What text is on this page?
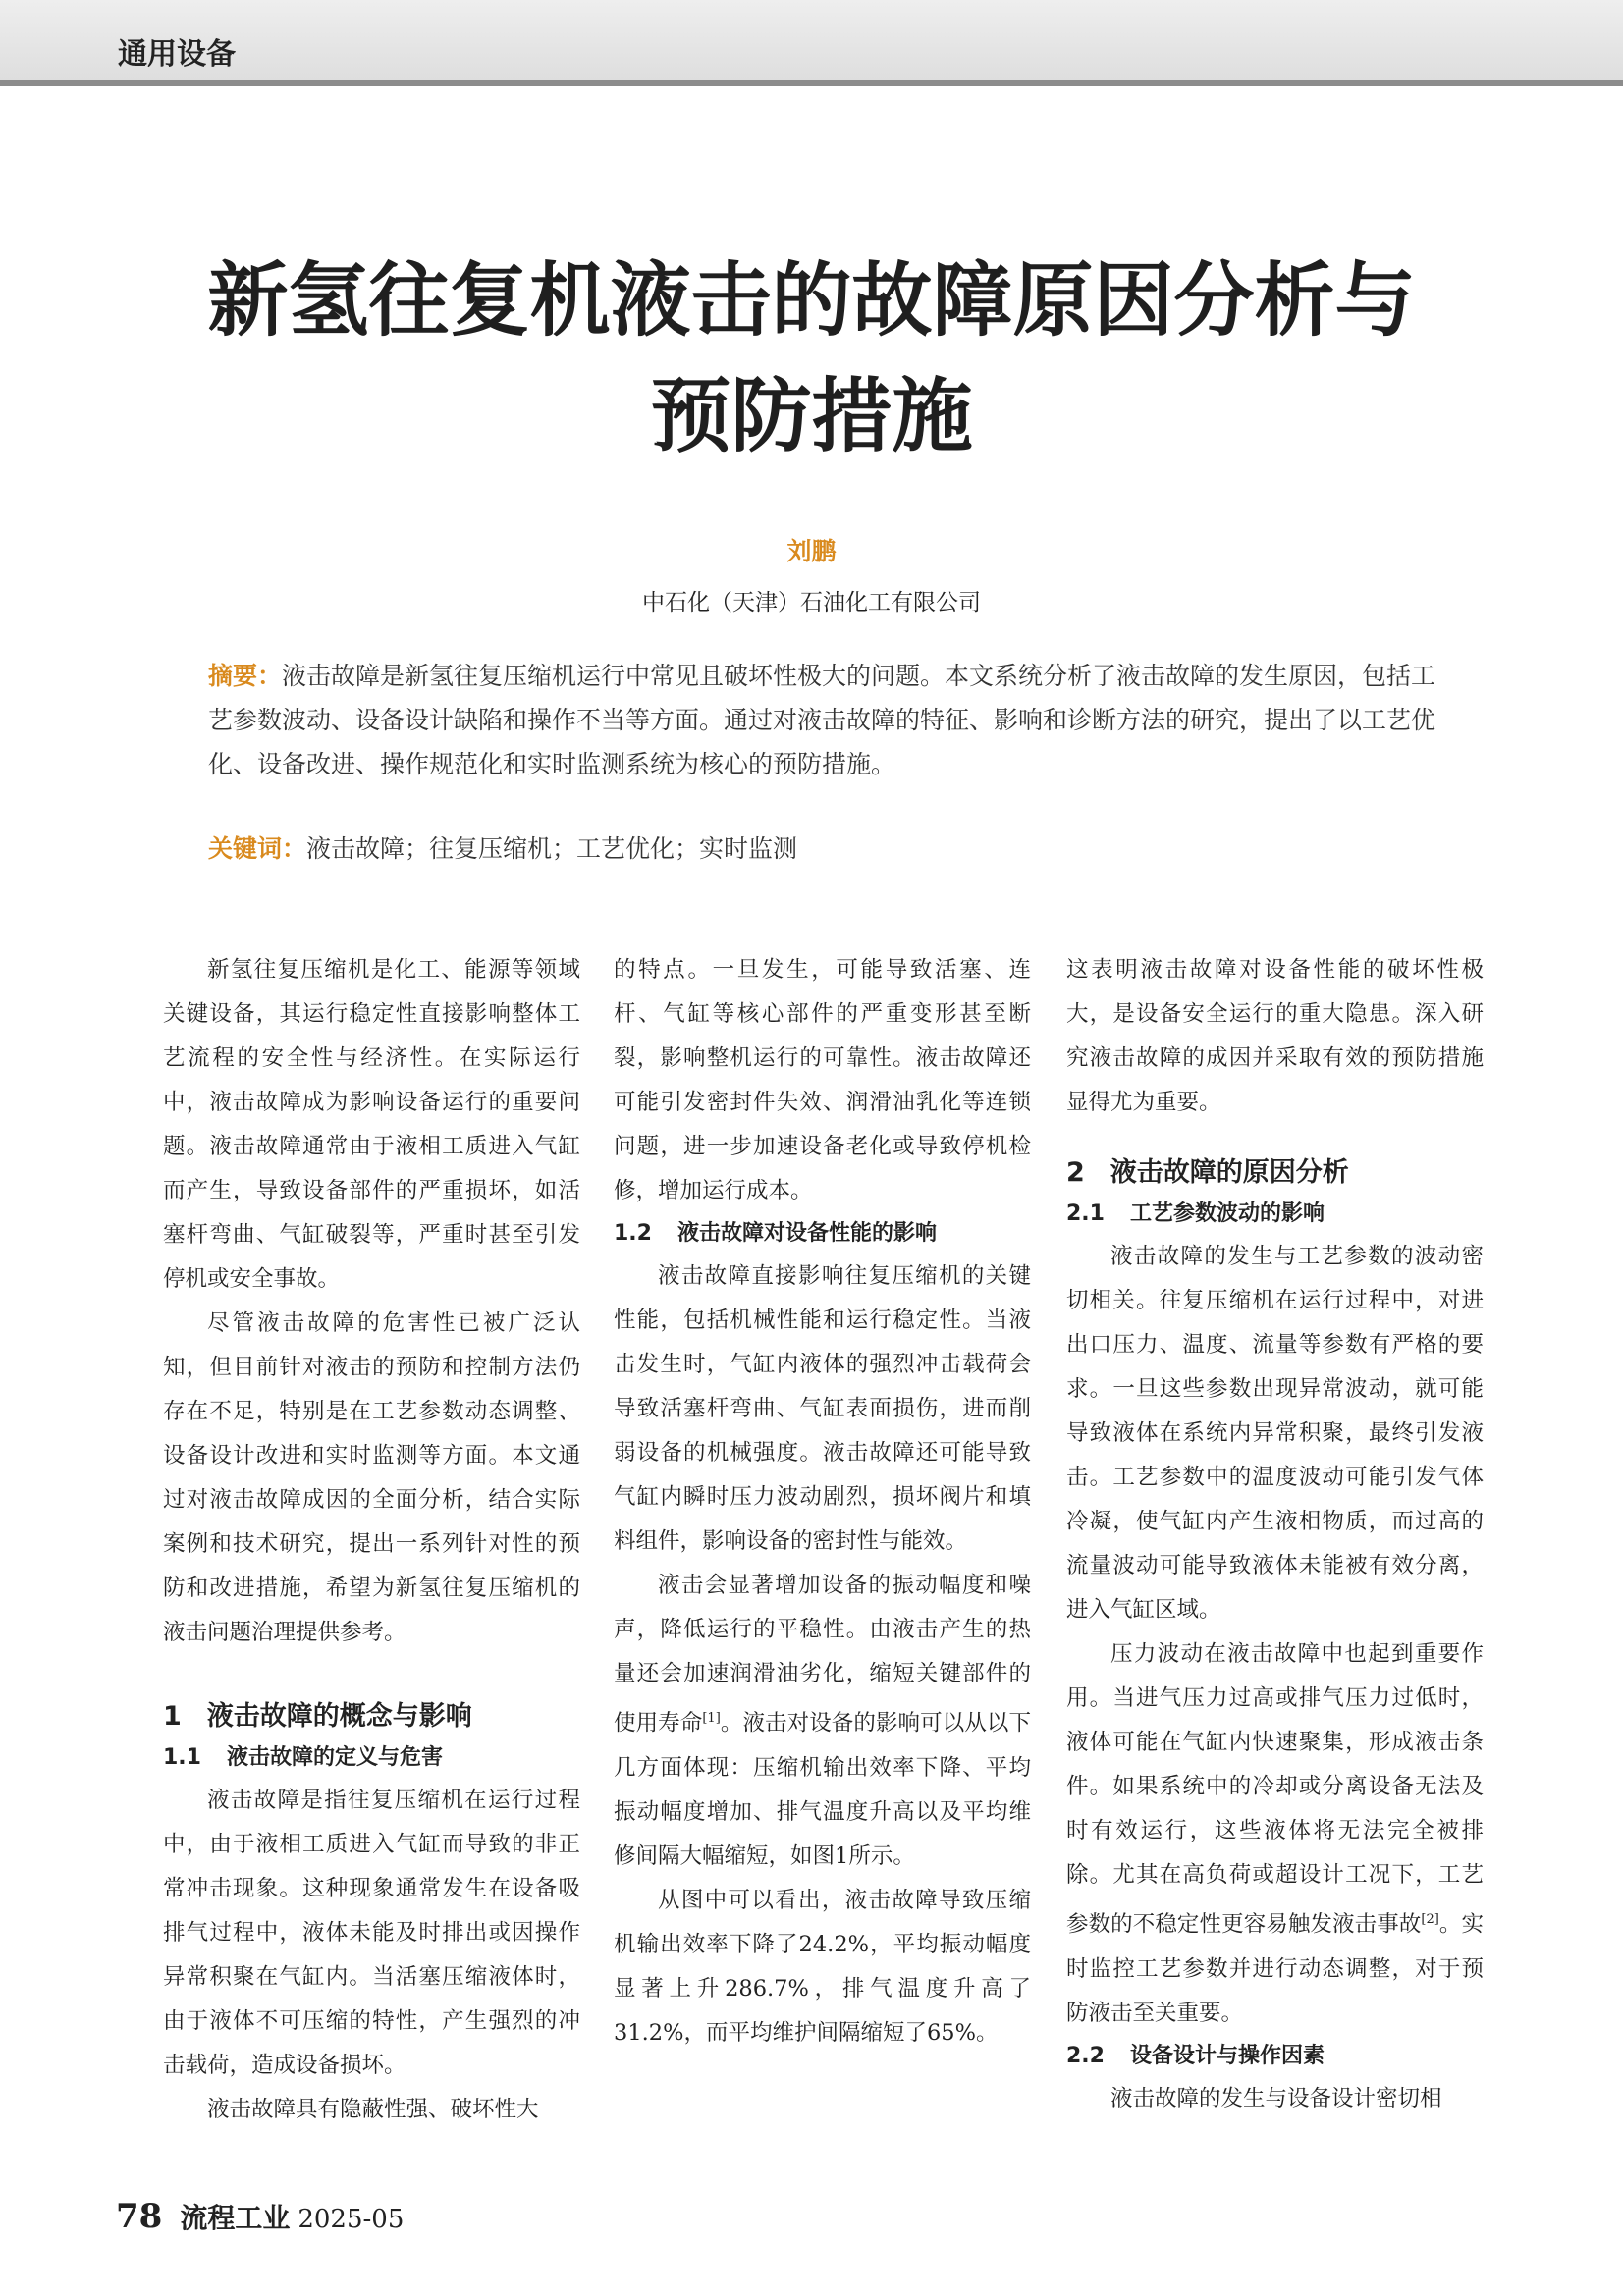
通用设备
新氢往复机液击的故障原因分析与
预防措施
刘鹏
中石化（天津）石油化工有限公司
摘要：液击故障是新氢往复压缩机运行中常见且破坏性极大的问题。本文系统分析了液击故障的发生原因，包括工艺参数波动、设备设计缺陷和操作不当等方面。通过对液击故障的特征、影响和诊断方法的研究，提出了以工艺优化、设备改进、操作规范化和实时监测系统为核心的预防措施。
关键词：液击故障；往复压缩机；工艺优化；实时监测

新氢往复压缩机是化工、能源等领域关键设备，其运行稳定性直接影响整体工艺流程的安全性与经济性。在实际运行中，液击故障成为影响设备运行的重要问题。液击故障通常由于液相工质进入气缸而产生，导致设备部件的严重损坏，如活塞杆弯曲、气缸破裂等，严重时甚至引发停机或安全事故。

尽管液击故障的危害性已被广泛认知，但目前针对液击的预防和控制方法仍存在不足，特别是在工艺参数动态调整、设备设计改进和实时监测等方面。本文通过对液击故障成因的全面分析，结合实际案例和技术研究，提出一系列针对性的预防和改进措施，希望为新氢往复压缩机的液击问题治理提供参考。

1 液击故障的概念与影响
1.1 液击故障的定义与危害

液击故障是指往复压缩机在运行过程中，由于液相工质进入气缸而导致的非正常冲击现象。这种现象通常发生在设备吸排气过程中，液体未能及时排出或因操作异常积聚在气缸内。当活塞压缩液体时，由于液体不可压缩的特性，产生强烈的冲击载荷，造成设备损坏。

液击故障具有隐蔽性强、破坏性大

的特点。一旦发生，可能导致活塞、连杆、气缸等核心部件的严重变形甚至断裂，影响整机运行的可靠性。液击故障还可能引发密封件失效、润滑油乳化等连锁问题，进一步加速设备老化或导致停机检修，增加运行成本。

1.2 液击故障对设备性能的影响

液击故障直接影响往复压缩机的关键性能，包括机械性能和运行稳定性。当液击发生时，气缸内液体的强烈冲击载荷会导致活塞杆弯曲、气缸表面损伤，进而削弱设备的机械强度。液击故障还可能导致气缸内瞬时压力波动剧烈，损坏阀片和填料组件，影响设备的密封性与能效。

液击会显著增加设备的振动幅度和噪声，降低运行的平稳性。由液击产生的热量还会加速润滑油劣化，缩短关键部件的使用寿命[1]。液击对设备的影响可以从以下几方面体现：压缩机输出效率下降、平均振动幅度增加、排气温度升高以及平均维修间隔大幅缩短，如图1所示。

从图中可以看出，液击故障导致压缩机输出效率下降了24.2%，平均振动幅度显著上升286.7%，排气温度升高了31.2%，而平均维护间隔缩短了65%。

这表明液击故障对设备性能的破坏性极大，是设备安全运行的重大隐患。深入研究液击故障的成因并采取有效的预防措施显得尤为重要。

2 液击故障的原因分析
2.1 工艺参数波动的影响

液击故障的发生与工艺参数的波动密切相关。往复压缩机在运行过程中，对进出口压力、温度、流量等参数有严格的要求。一旦这些参数出现异常波动，就可能导致液体在系统内异常积聚，最终引发液击。工艺参数中的温度波动可能引发气体冷凝，使气缸内产生液相物质，而过高的流量波动可能导致液体未能被有效分离，进入气缸区域。

压力波动在液击故障中也起到重要作用。当进气压力过高或排气压力过低时，液体可能在气缸内快速聚集，形成液击条件。如果系统中的冷却或分离设备无法及时有效运行，这些液体将无法完全被排除。尤其在高负荷或超设计工况下，工艺参数的不稳定性更容易触发液击事故[2]。实时监控工艺参数并进行动态调整，对于预防液击至关重要。

2.2 设备设计与操作因素

液击故障的发生与设备设计密切相

78 流程工业 2025-05
